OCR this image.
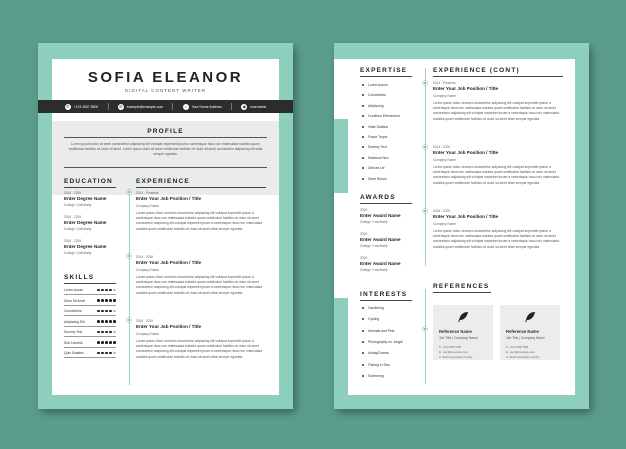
SOFIA ELEANOR
DIGITAL CONTENT WRITER
✆	+123 4567 8900	✉	example@example.com	⌂	Your Home Address	◆	/username
PROFILE
Lorem ipsum dolor sit amet consectetur adipiscing elit volutpat imperdiet ipsum a scelerisque risus non malesuada sodales quam vestibulum facilisis mi dolor sit amet. Lorem ipsum dolor sit amet vestibulum facilisis mi dolor sit amet consectetur adipiscing elit vitae semper egestas.
EDUCATION
2016 - 2019
Enter Degree Name
College / University
2016 - 2019
Enter Degree Name
College / University
2016 - 2019
Enter Degree Name
College / University
SKILLS
EXPERIENCE
2014 - Presents
Enter Your Job Position / Title
Company Name
Lorem ipsum dolor sit amet consectetur adipiscing elit volutpat imperdiet ipsum a scelerisque risus non malesuada sodales quam vestibulum facilisis mi dolor sit amet consectetur adipiscing elit volutpat imperdiet ipsum a scelerisque risus non malesuada sodales quam vestibulum facilisis mi dolor sit amet vitae semper egestas.
2014 - 2016
Enter Your Job Position / Title
Company Name
Lorem ipsum dolor sit amet consectetur adipiscing elit volutpat imperdiet ipsum a scelerisque risus non malesuada sodales quam vestibulum facilisis mi dolor sit amet consectetur adipiscing elit volutpat imperdiet ipsum a scelerisque risus non malesuada sodales quam vestibulum facilisis mi dolor sit amet vitae semper egestas.
2016 - 2019
Enter Your Job Position / Title
Company Name
Lorem ipsum dolor sit amet consectetur adipiscing elit volutpat imperdiet ipsum a scelerisque risus non malesuada sodales quam vestibulum facilisis mi dolor sit amet consectetur adipiscing elit volutpat imperdiet ipsum a scelerisque risus non malesuada sodales quam vestibulum facilisis mi dolor sit amet vitae semper egestas.
Lorem Ipsum
Dolor Sit Amet
Consectetur
Adipiscing Elit
Dummy Text
Sed Lobortis
Quis Sodales
EXPERTISE
AWARDS
2016
Enter Award Name
College / University
2016
Enter Award Name
College / University
2016
Enter Award Name
College / University
INTERESTS
EXPERIENCE (CONT)
2014 - Presents
Enter Your Job Position / Title
Company Name
Lorem ipsum dolor sit amet consectetur adipiscing elit volutpat imperdiet ipsum a scelerisque risus non malesuada sodales quam vestibulum facilisis mi dolor sit amet consectetur adipiscing elit volutpat imperdiet ipsum a scelerisque risus non malesuada sodales quam vestibulum facilisis mi dolor sit amet vitae semper egestas.
2014 - 2016
Enter Your Job Position / Title
Company Name
Lorem ipsum dolor sit amet consectetur adipiscing elit volutpat imperdiet ipsum a scelerisque risus non malesuada sodales quam vestibulum facilisis mi dolor sit amet consectetur adipiscing elit volutpat imperdiet ipsum a scelerisque risus non malesuada sodales quam vestibulum facilisis mi dolor sit amet vitae semper egestas.
2016 - 2019
Enter Your Job Position / Title
Company Name
Lorem ipsum dolor sit amet consectetur adipiscing elit volutpat imperdiet ipsum a scelerisque risus non malesuada sodales quam vestibulum facilisis mi dolor sit amet consectetur adipiscing elit volutpat imperdiet ipsum a scelerisque risus non malesuada sodales quam vestibulum facilisis mi dolor sit amet vitae semper egestas.
REFERENCES
Reference Name
Job Title | Company Name
P +123 4567 890
E yourl@example.com
A 0123 streetstate country
Reference Name
Job Title | Company Name
P +123 4567 890
E yourl@example.com
A 0123 streetstate country
Lorem Ipsum
Consectetur
Adipiscing
Curabitur Elementum
Vitae Datibus
Fusce Turpis
Dummy Text
Maximus Nec
Ultrices Ue
Diam Rutum
Gardening
Cycling
Animals and Pets
Photography on Jungle
Acting/Drama
Fishing in Sea
Swimming
